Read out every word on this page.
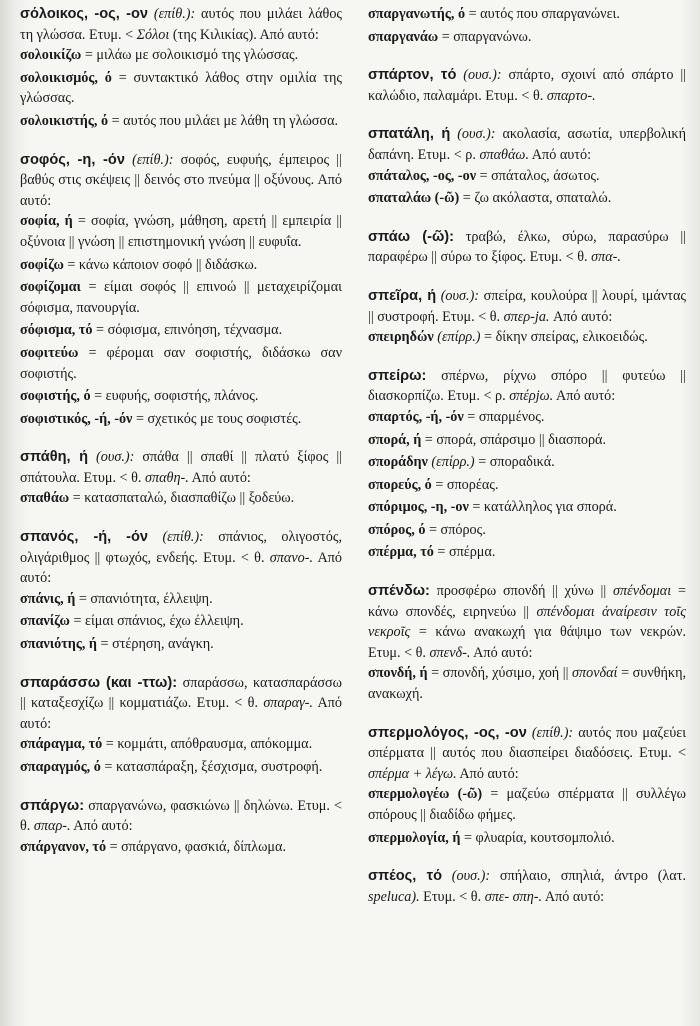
σόλοικος, -ος, -ον (επίθ.): αυτός που μιλάει λάθος τη γλώσσα. Ετυμ. < Σόλοι (της Κιλικίας). Από αυτό:

σολοικίζω = μιλάω με σολοικισμό της γλώσσας.

σολοικισμός, ό = συντακτικό λάθος στην ομιλία της γλώσσας.

σολοικιστής, ό = αυτός που μιλάει με λάθη τη γλώσσα.

σοφός, -η, -όν (επίθ.): σοφός, ευφυής, έμπειρος || βαθύς στις σκέψεις || δεινός στο πνεύμα || οξύνους. Από αυτό:

σοφία, ή = σοφία, γνώση, μάθηση, αρετή || εμπειρία || οξύνοια || γνώση || επιστημονική γνώση || ευφυΐα.

σοφίζω = κάνω κάποιον σοφό || διδάσκω.

σοφίζομαι = είμαι σοφός || επινοώ || μεταχειρίζομαι σόφισμα, πανουργία.

σόφισμα, τό = σόφισμα, επινόηση, τέχνασμα.

σοφιτεύω = φέρομαι σαν σοφιστής, διδάσκω σαν σοφιστής.

σοφιστής, ό = ευφυής, σοφιστής, πλάνος.

σοφιστικός, -ή, -όν = σχετικός με τους σοφιστές.

σπάθη, ή (ουσ.): σπάθα || σπαθί || πλατύ ξίφος || σπάτουλα. Ετυμ. < θ. σπαθη-. Από αυτό:

σπαθάω = κατασπαταλώ, διασπαθίζω || ξοδεύω.

σπανός, -ή, -όν (επίθ.): σπάνιος, ολιγοστός, ολιγάριθμος || φτωχός, ενδεής. Ετυμ. < θ. σπανο-. Από αυτό:

σπάνις, ή = σπανιότητα, έλλειψη.

σπανίζω = είμαι σπάνιος, έχω έλλειψη.

σπανιότης, ή = στέρηση, ανάγκη.

σπαράσσω (και -ττω): σπαράσσω, κατασπαράσσω || καταξεσχίζω || κομματιάζω. Ετυμ. < θ. σπαραγ-. Από αυτό:

σπάραγμα, τό = κομμάτι, απόθραυσμα, απόκομμα.

σπαραγμός, ό = κατασπάραξη, ξέσχισμα, συστροφή.

σπάργω: σπαργανώνω, φασκιώνω || δηλώνω. Ετυμ. < θ. σπαρ-. Από αυτό:

σπάργανον, τό = σπάργανο, φασκιά, δίπλωμα.

σπαργανωτής, ό = αυτός που σπαργανώνει.

σπαργανάω = σπαργανώνω.

σπάρτον, τό (ουσ.): σπάρτο, σχοινί από σπάρτο || καλώδιο, παλαμάρι. Ετυμ. < θ. σπαρτο-.

σπατάλη, ή (ουσ.): ακολασία, ασωτία, υπερβολική δαπάνη. Ετυμ. < ρ. σπαθάω. Από αυτό:

σπάταλος, -ος, -ον = σπάταλος, άσωτος.

σπαταλάω (-ῶ) = ζω ακόλαστα, σπαταλώ.

σπάω (-ῶ): τραβώ, έλκω, σύρω, παρασύρω || παραφέρω || σύρω το ξίφος. Ετυμ. < θ. σπα-.

σπεῖρα, ή (ουσ.): σπείρα, κουλούρα || λουρί, ιμάντας || συστροφή. Ετυμ. < θ. σπερ-ja. Από αυτό:

σπειρηδών (επίρρ.) = δίκην σπείρας, ελικοειδώς.

σπείρω: σπέρνω, ρίχνω σπόρο || φυτεύω || διασκορπίζω. Ετυμ. < ρ. σπέρjω. Από αυτό:

σπαρτός, -ή, -όν = σπαρμένος.

σπορά, ή = σπορά, σπάρσιμο || διασπορά.

σποράδην (επίρρ.) = σποραδικά.

σπορεύς, ό = σπορέας.

σπόριμος, -η, -ον = κατάλληλος για σπορά.

σπόρος, ό = σπόρος.

σπέρμα, τό = σπέρμα.

σπένδω: προσφέρω σπονδή || χύνω || σπένδομαι = κάνω σπονδές, ειρηνεύω || σπένδομαι ἀναίρεσιν τοῖς νεκροῖς = κάνω ανακωχή για θάψιμο των νεκρών. Ετυμ. < θ. σπενδ-. Από αυτό:

σπονδή, ή = σπονδή, χύσιμο, χοή || σπονδαί = συνθήκη, ανακωχή.

σπερμολόγος, -ος, -ον (επίθ.): αυτός που μαζεύει σπέρματα || αυτός που διασπείρει διαδόσεις. Ετυμ. < σπέρμα + λέγω. Από αυτό:

σπερμολογέω (-ῶ) = μαζεύω σπέρματα || συλλέγω σπόρους || διαδίδω φήμες.

σπερμολογία, ή = φλυαρία, κουτσομπολιό.

σπέος, τό (ουσ.): σπήλαιο, σπηλιά, άντρο (λατ. speluca). Ετυμ. < θ. σπε- σπη-. Από αυτό:
